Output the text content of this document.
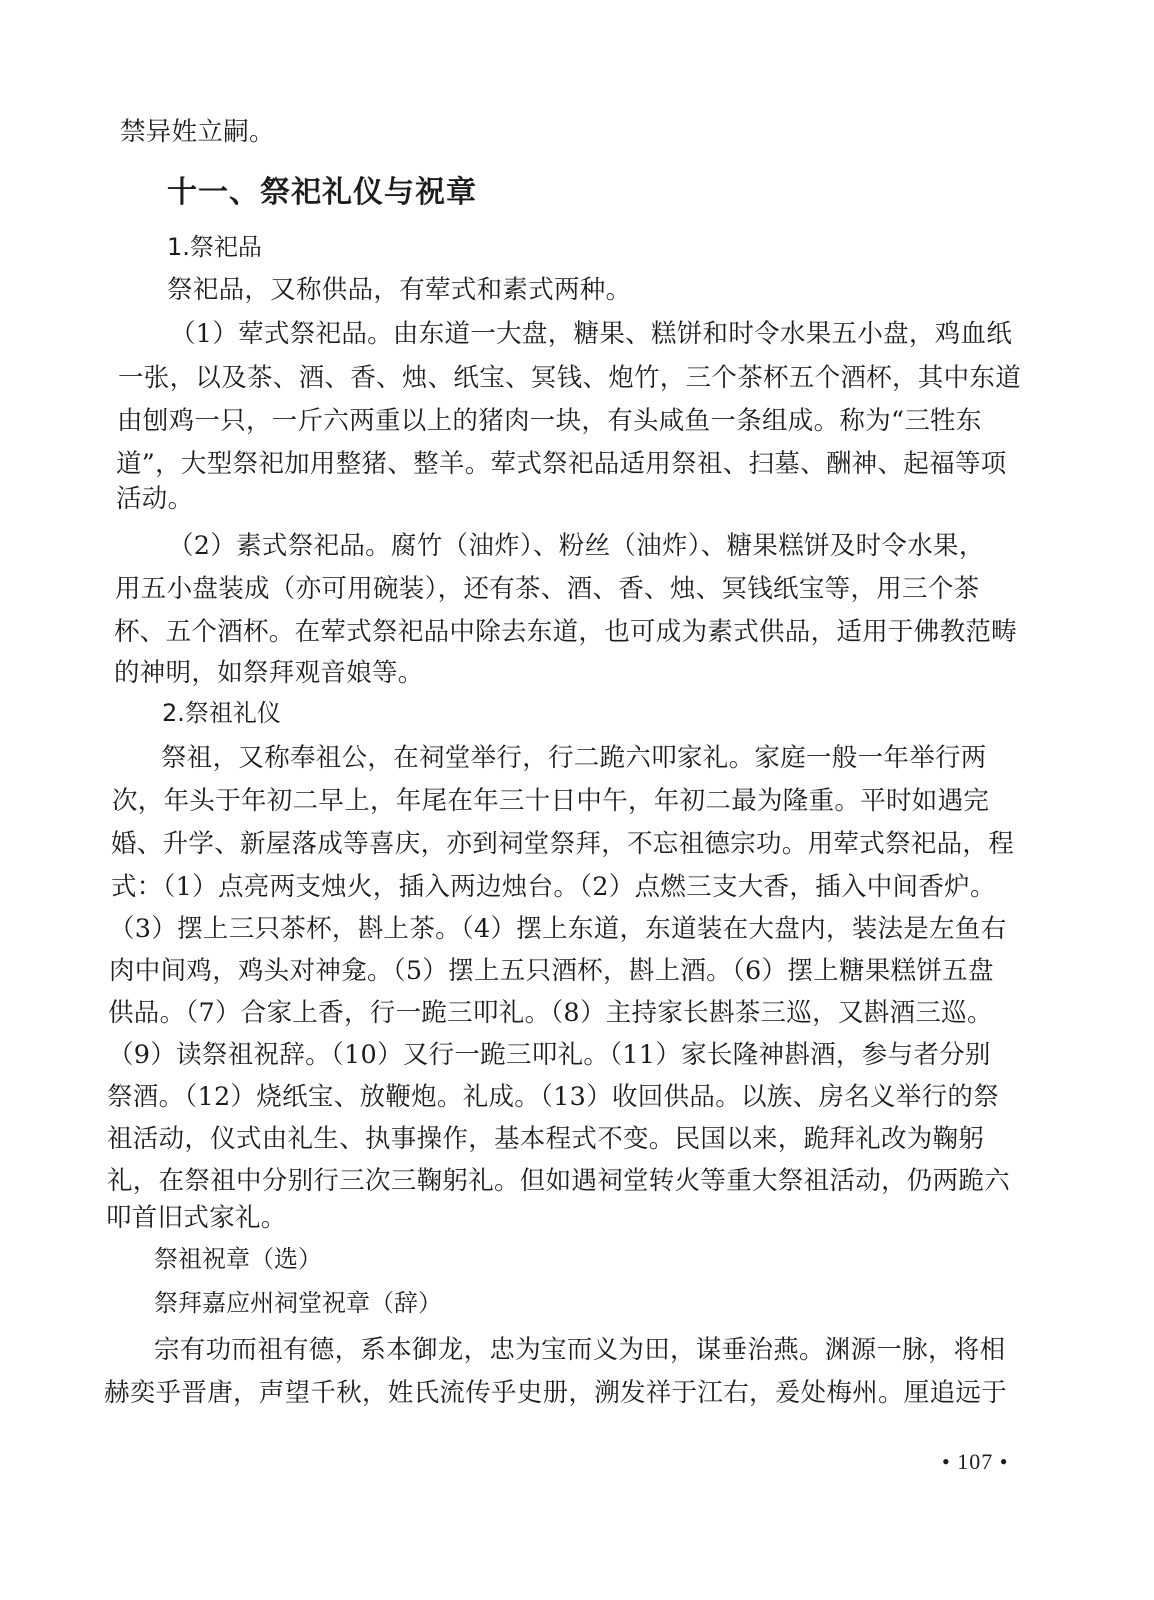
禁异姓立嗣。
十一、祭祀礼仪与祝章
1.祭祀品
祭祀品，又称供品，有荤式和素式两种。
（1）荤式祭祀品。由东道一大盘，糖果、糕饼和时令水果五小盘，鸡血纸
一张，以及茶、酒、香、烛、纸宝、冥钱、炮竹，三个茶杯五个酒杯，其中东道
由刨鸡一只，一斤六两重以上的猪肉一块，有头咸鱼一条组成。称为“三牲东
道”，大型祭祀加用整猪、整羊。荤式祭祀品适用祭祖、扫墓、酬神、起福等项
活动。
（2）素式祭祀品。腐竹（油炸）、粉丝（油炸）、糖果糕饼及时令水果，
用五小盘装成（亦可用碗装），还有茶、酒、香、烛、冥钱纸宝等，用三个茶
杯、五个酒杯。在荤式祭祀品中除去东道，也可成为素式供品，适用于佛教范畴
的神明，如祭拜观音娘等。
2.祭祖礼仪
祭祖，又称奉祖公，在祠堂举行，行二跪六叩家礼。家庭一般一年举行两
次，年头于年初二早上，年尾在年三十日中午，年初二最为隆重。平时如遇完
婚、升学、新屋落成等喜庆，亦到祠堂祭拜，不忘祖德宗功。用荤式祭祀品，程
式：（1）点亮两支烛火，插入两边烛台。（2）点燃三支大香，插入中间香炉。
（3）摆上三只茶杯，斟上茶。（4）摆上东道，东道装在大盘内，装法是左鱼右
肉中间鸡，鸡头对神龛。（5）摆上五只酒杯，斟上酒。（6）摆上糖果糕饼五盘
供品。（7）合家上香，行一跪三叩礼。（8）主持家长斟茶三巡，又斟酒三巡。
（9）读祭祖祝辞。（10）又行一跪三叩礼。（11）家长隆神斟酒，参与者分别
祭酒。（12）烧纸宝、放鞭炮。礼成。（13）收回供品。以族、房名义举行的祭
祖活动，仪式由礼生、执事操作，基本程式不变。民国以来，跪拜礼改为鞠躬
礼，在祭祖中分别行三次三鞠躬礼。但如遇祠堂转火等重大祭祖活动，仍两跪六
叩首旧式家礼。
祭祖祝章（选）
祭拜嘉应州祠堂祝章（辞）
宗有功而祖有德，系本御龙，忠为宝而义为田，谋垂治燕。渊源一脉，将相
赫奕乎晋唐，声望千秋，姓氏流传乎史册，溯发祥于江右，爰处梅州。厘追远于
• 107 •
